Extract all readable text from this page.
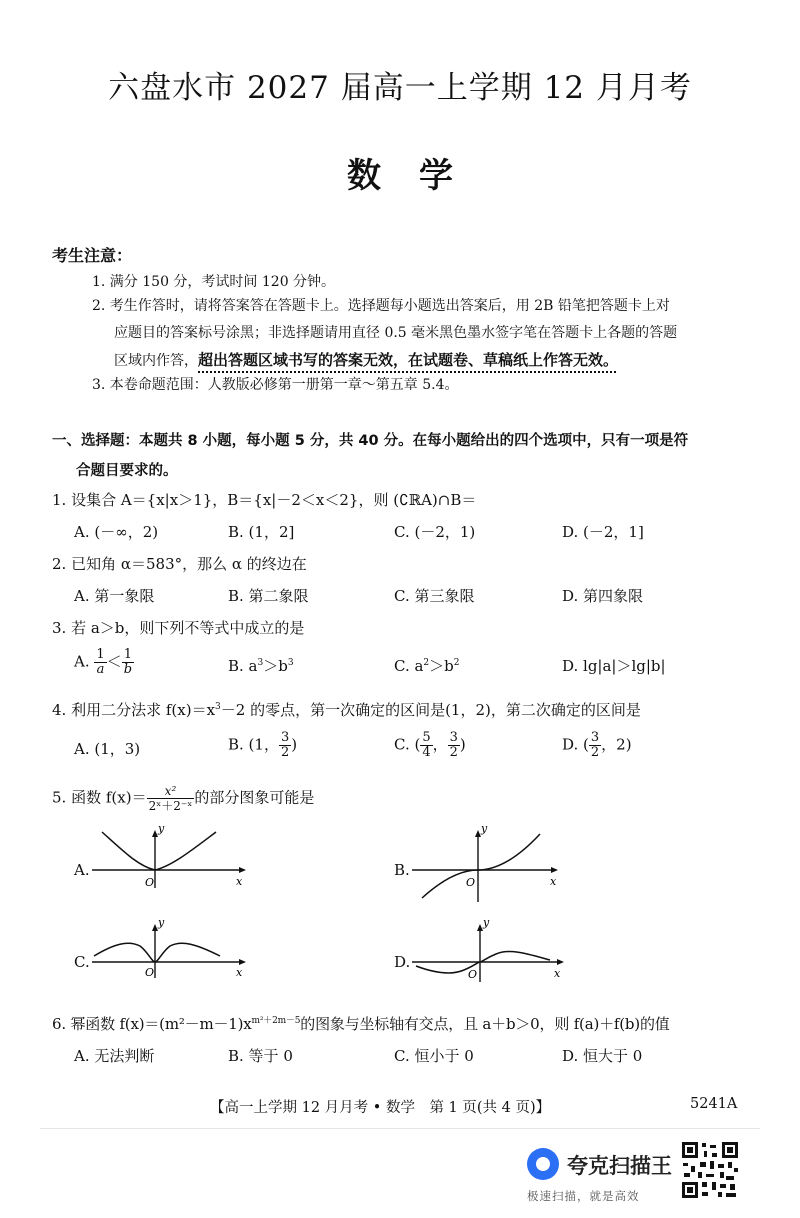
六盘水市 2027 届高一上学期 12 月月考
数学
考生注意：
1. 满分 150 分，考试时间 120 分钟。
2. 考生作答时，请将答案答在答题卡上。选择题每小题选出答案后，用 2B 铅笔把答题卡上对
应题目的答案标号涂黑；非选择题请用直径 0.5 毫米黑色墨水签字笔在答题卡上各题的答题
区域内作答，超出答题区域书写的答案无效，在试题卷、草稿纸上作答无效。
3. 本卷命题范围：人教版必修第一册第一章～第五章 5.4。
一、选择题：本题共 8 小题，每小题 5 分，共 40 分。在每小题给出的四个选项中，只有一项是符
合题目要求的。
1. 设集合 A＝{x|x＞1}，B＝{x|－2＜x＜2}，则 (∁ℝA)∩B＝
A. (－∞，2)	B. (1，2]	C. (－2，1)	D. (－2，1]
2. 已知角 α＝583°，那么 α 的终边在
A. 第一象限	B. 第二象限	C. 第三象限	D. 第四象限
3. 若 a＞b，则下列不等式中成立的是
A. $\frac{1}{a} < \frac{1}{b}$	B. $a^3>b^3$	C. $a^2>b^2$	D. lg|a|＞lg|b|
4. 利用二分法求 $f(x)=x^3-2$ 的零点，第一次确定的区间是(1，2)，第二次确定的区间是
A. (1，3)	B. (1， $\frac{3}{2}$ )	C. ( $\frac{5}{4}$ ， $\frac{3}{2}$ )	D. ( $\frac{3}{2}$ ，2)
5. 函数 $f(x)= \frac{\text{x²}}{\text{2ˣ＋2⁻ˣ}}$ 的部分图象可能是
y
x
O
A.
y
x
O
B.
y
x
O
C.
y
x
O
D.
6. 幂函数 $f(x)=(m^2-m-1)x^{m^2+2m-5}$的图象与坐标轴有交点，且 a＋b＞0，则 f(a)＋f(b)的值
A. 无法判断	B. 等于 0	C. 恒小于 0	D. 恒大于 0
【高一上学期 12 月月考 • 数学　第 1 页(共 4 页)】	5241A
夸克扫描王
极速扫描，就是高效
